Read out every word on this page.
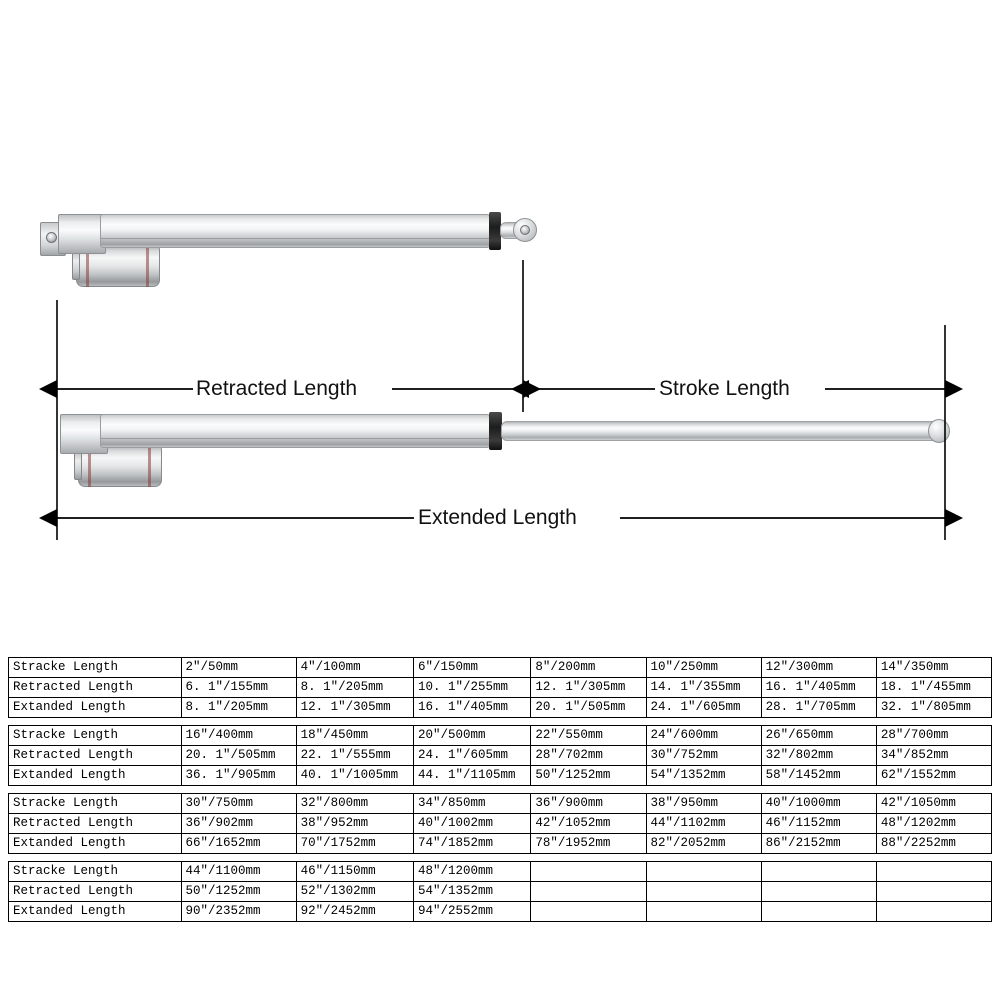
Retracted Length	Stroke Length
Extended Length
Stracke Length	2″/50mm	4″/100mm	6″/150mm	8″/200mm	10″/250mm	12″/300mm	14″/350mm
Retracted Length	6. 1″/155mm	8. 1″/205mm	10. 1″/255mm	12. 1″/305mm	14. 1″/355mm	16. 1″/405mm	18. 1″/455mm
Extanded Length	8. 1″/205mm	12. 1″/305mm	16. 1″/405mm	20. 1″/505mm	24. 1″/605mm	28. 1″/705mm	32. 1″/805mm

Stracke Length	16″/400mm	18″/450mm	20″/500mm	22″/550mm	24″/600mm	26″/650mm	28″/700mm
Retracted Length	20. 1″/505mm	22. 1″/555mm	24. 1″/605mm	28″/702mm	30″/752mm	32″/802mm	34″/852mm
Extanded Length	36. 1″/905mm	40. 1″/1005mm	44. 1″/1105mm	50″/1252mm	54″/1352mm	58″/1452mm	62″/1552mm

Stracke Length	30″/750mm	32″/800mm	34″/850mm	36″/900mm	38″/950mm	40″/1000mm	42″/1050mm
Retracted Length	36″/902mm	38″/952mm	40″/1002mm	42″/1052mm	44″/1102mm	46″/1152mm	48″/1202mm
Extanded Length	66″/1652mm	70″/1752mm	74″/1852mm	78″/1952mm	82″/2052mm	86″/2152mm	88″/2252mm

Stracke Length	44″/1100mm	46″/1150mm	48″/1200mm				
Retracted Length	50″/1252mm	52″/1302mm	54″/1352mm				
Extanded Length	90″/2352mm	92″/2452mm	94″/2552mm				
